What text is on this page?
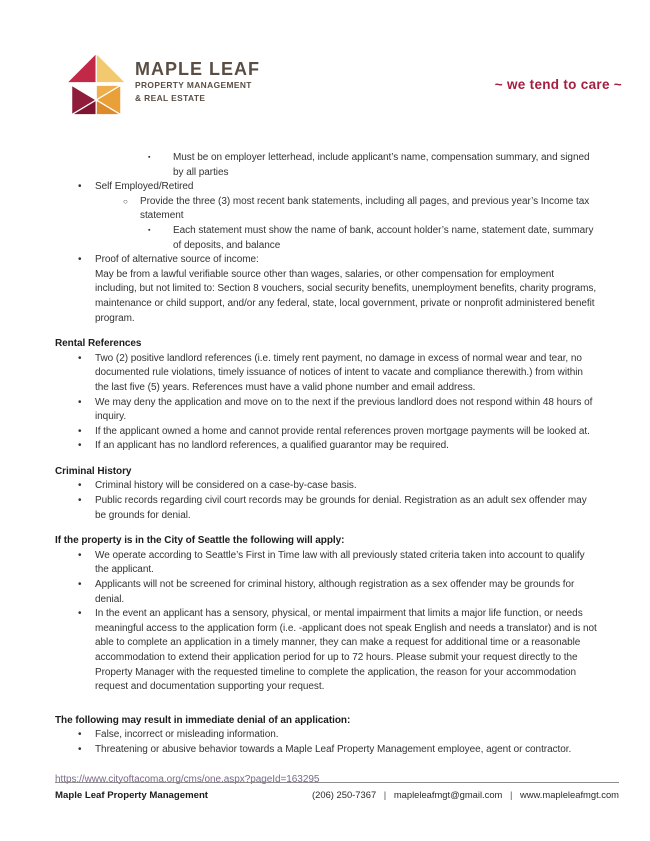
MAPLE LEAF
PROPERTY MANAGEMENT
& REAL ESTATE
~ we tend to care ~
▪	Must be on employer letterhead, include applicant’s name, compensation summary, and signed by all parties
•	Self Employed/Retired
○	Provide the three (3) most recent bank statements, including all pages, and previous year’s Income tax statement
▪	Each statement must show the name of bank, account holder’s name, statement date, summary of deposits, and balance
•	Proof of alternative source of income:
May be from a lawful verifiable source other than wages, salaries, or other compensation for employment including, but not limited to: Section 8 vouchers, social security benefits, unemployment benefits, charity programs, maintenance or child support, and/or any federal, state, local government, private or nonprofit administered benefit program.
Rental References
•	Two (2) positive landlord references (i.e. timely rent payment, no damage in excess of normal wear and tear, no documented rule violations, timely issuance of notices of intent to vacate and compliance therewith.) from within the last five (5) years. References must have a valid phone number and email address.
•	We may deny the application and move on to the next if the previous landlord does not respond within 48 hours of inquiry.
•	If the applicant owned a home and cannot provide rental references proven mortgage payments will be looked at.
•	If an applicant has no landlord references, a qualified guarantor may be required.
Criminal History
•	Criminal history will be considered on a case-by-case basis.
•	Public records regarding civil court records may be grounds for denial. Registration as an adult sex offender may be grounds for denial.
If the property is in the City of Seattle the following will apply:
•	We operate according to Seattle’s First in Time law with all previously stated criteria taken into account to qualify the applicant.
•	Applicants will not be screened for criminal history, although registration as a sex offender may be grounds for denial.
•	In the event an applicant has a sensory, physical, or mental impairment that limits a major life function, or needs meaningful access to the application form (i.e. -applicant does not speak English and needs a translator) and is not able to complete an application in a timely manner, they can make a request for additional time or a reasonable accommodation to extend their application period for up to 72 hours. Please submit your request directly to the Property Manager with the requested timeline to complete the application, the reason for your accommodation request and documentation supporting your request.
The following may result in immediate denial of an application:
•	False, incorrect or misleading information.
•	Threatening or abusive behavior towards a Maple Leaf Property Management employee, agent or contractor.
https://www.cityoftacoma.org/cms/one.aspx?pageId=163295
Maple Leaf Property Management	(206) 250-7367 | mapleleafmgt@gmail.com | www.mapleleafmgt.com
